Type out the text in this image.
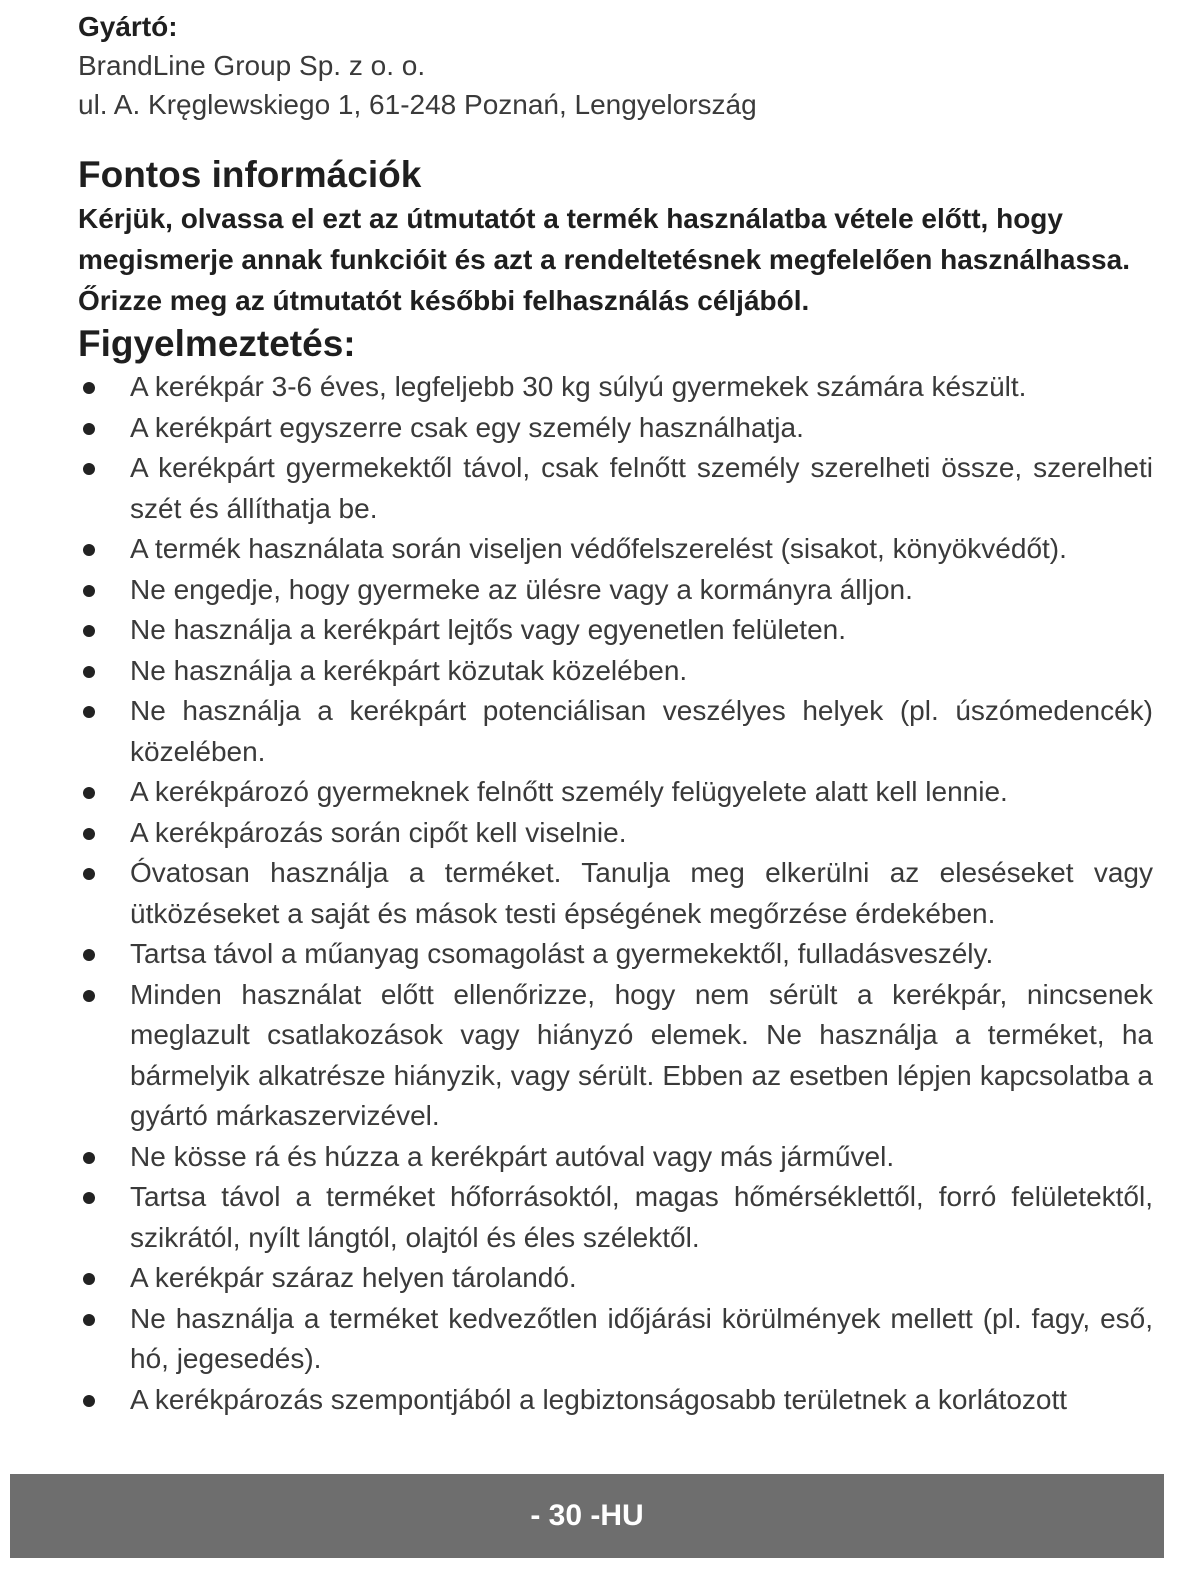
Gyártó:
BrandLine Group Sp. z o. o.
ul. A. Kręglewskiego 1, 61-248 Poznań, Lengyelország
Fontos információk
Kérjük, olvassa el ezt az útmutatót a termék használatba vétele előtt, hogy megismerje annak funkcióit és azt a rendeltetésnek megfelelően használhassa. Őrizze meg az útmutatót későbbi felhasználás céljából.
Figyelmeztetés:
A kerékpár 3-6 éves, legfeljebb 30 kg súlyú gyermekek számára készült.
A kerékpárt egyszerre csak egy személy használhatja.
A kerékpárt gyermekektől távol, csak felnőtt személy szerelheti össze, szerelheti szét és állíthatja be.
A termék használata során viseljen védőfelszerelést (sisakot, könyökvédőt).
Ne engedje, hogy gyermeke az ülésre vagy a kormányra álljon.
Ne használja a kerékpárt lejtős vagy egyenetlen felületen.
Ne használja a kerékpárt közutak közelében.
Ne használja a kerékpárt potenciálisan veszélyes helyek (pl. úszómedencék) közelében.
A kerékpározó gyermeknek felnőtt személy felügyelete alatt kell lennie.
A kerékpározás során cipőt kell viselnie.
Óvatosan használja a terméket. Tanulja meg elkerülni az eleséseket vagy ütközéseket a saját és mások testi épségének megőrzése érdekében.
Tartsa távol a műanyag csomagolást a gyermekektől, fulladásveszély.
Minden használat előtt ellenőrizze, hogy nem sérült a kerékpár, nincsenek meglazult csatlakozások vagy hiányzó elemek. Ne használja a terméket, ha bármelyik alkatrésze hiányzik, vagy sérült. Ebben az esetben lépjen kapcsolatba a gyártó márkaszervizével.
Ne kösse rá és húzza a kerékpárt autóval vagy más járművel.
Tartsa távol a terméket hőforrásoktól, magas hőmérséklettől, forró felületektől, szikrától, nyílt lángtól, olajtól és éles szélektől.
A kerékpár száraz helyen tárolandó.
Ne használja a terméket kedvezőtlen időjárási körülmények mellett (pl. fagy, eső, hó, jegesedés).
A kerékpározás szempontjából a legbiztonságosabb területnek a korlátozott
- 30 -HU
